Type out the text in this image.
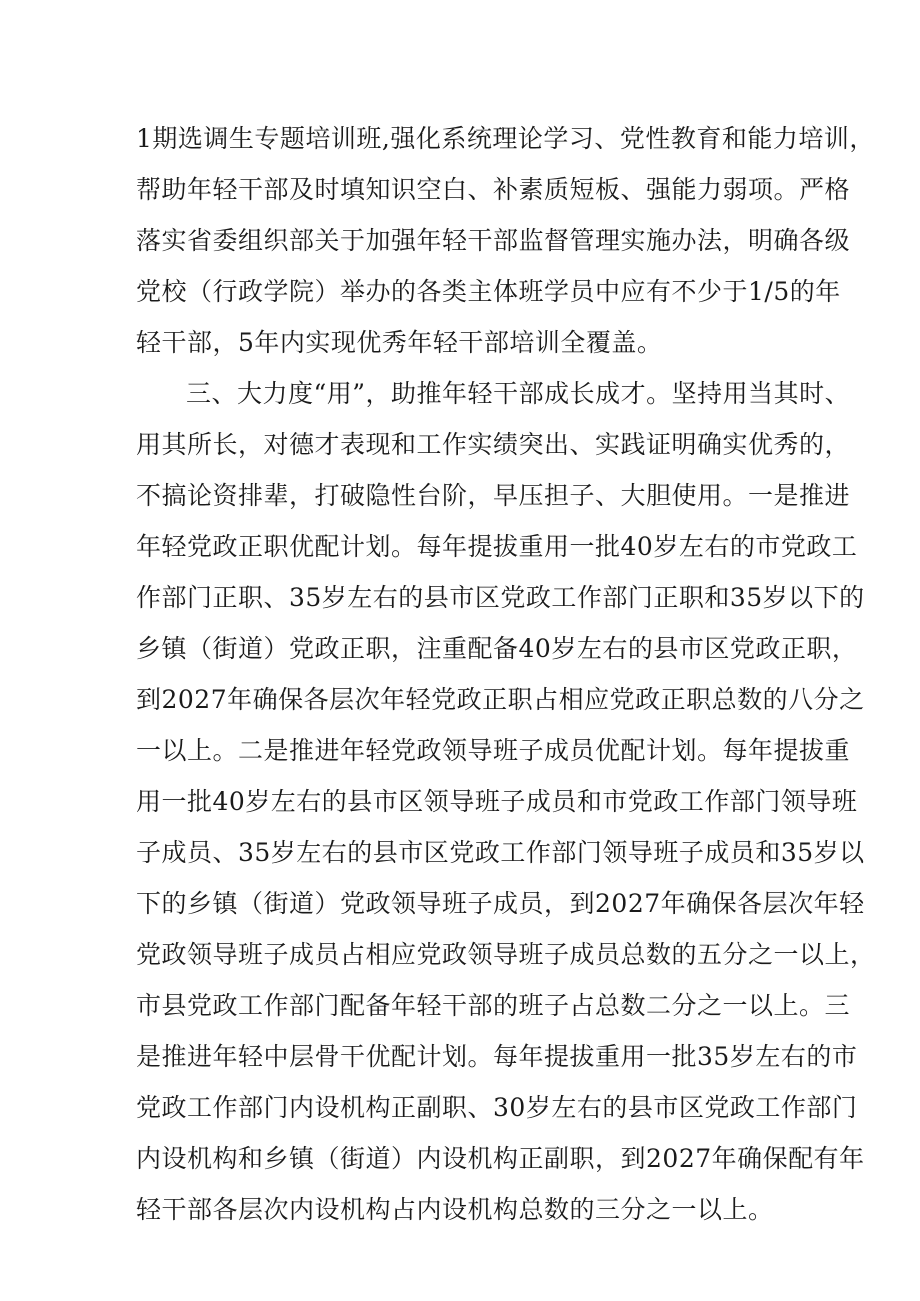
1期选调生专题培训班,强化系统理论学习、党性教育和能力培训，
帮助年轻干部及时填知识空白、补素质短板、强能力弱项。严格
落实省委组织部关于加强年轻干部监督管理实施办法，明确各级
党校（行政学院）举办的各类主体班学员中应有不少于1/5的年
轻干部，5年内实现优秀年轻干部培训全覆盖。
三、大力度“用”，助推年轻干部成长成才。坚持用当其时、
用其所长，对德才表现和工作实绩突出、实践证明确实优秀的，
不搞论资排辈，打破隐性台阶，早压担子、大胆使用。一是推进
年轻党政正职优配计划。每年提拔重用一批40岁左右的市党政工
作部门正职、35岁左右的县市区党政工作部门正职和35岁以下的
乡镇（街道）党政正职，注重配备40岁左右的县市区党政正职，
到2027年确保各层次年轻党政正职占相应党政正职总数的八分之
一以上。二是推进年轻党政领导班子成员优配计划。每年提拔重
用一批40岁左右的县市区领导班子成员和市党政工作部门领导班
子成员、35岁左右的县市区党政工作部门领导班子成员和35岁以
下的乡镇（街道）党政领导班子成员，到2027年确保各层次年轻
党政领导班子成员占相应党政领导班子成员总数的五分之一以上，
市县党政工作部门配备年轻干部的班子占总数二分之一以上。三
是推进年轻中层骨干优配计划。每年提拔重用一批35岁左右的市
党政工作部门内设机构正副职、30岁左右的县市区党政工作部门
内设机构和乡镇（街道）内设机构正副职，到2027年确保配有年
轻干部各层次内设机构占内设机构总数的三分之一以上。
